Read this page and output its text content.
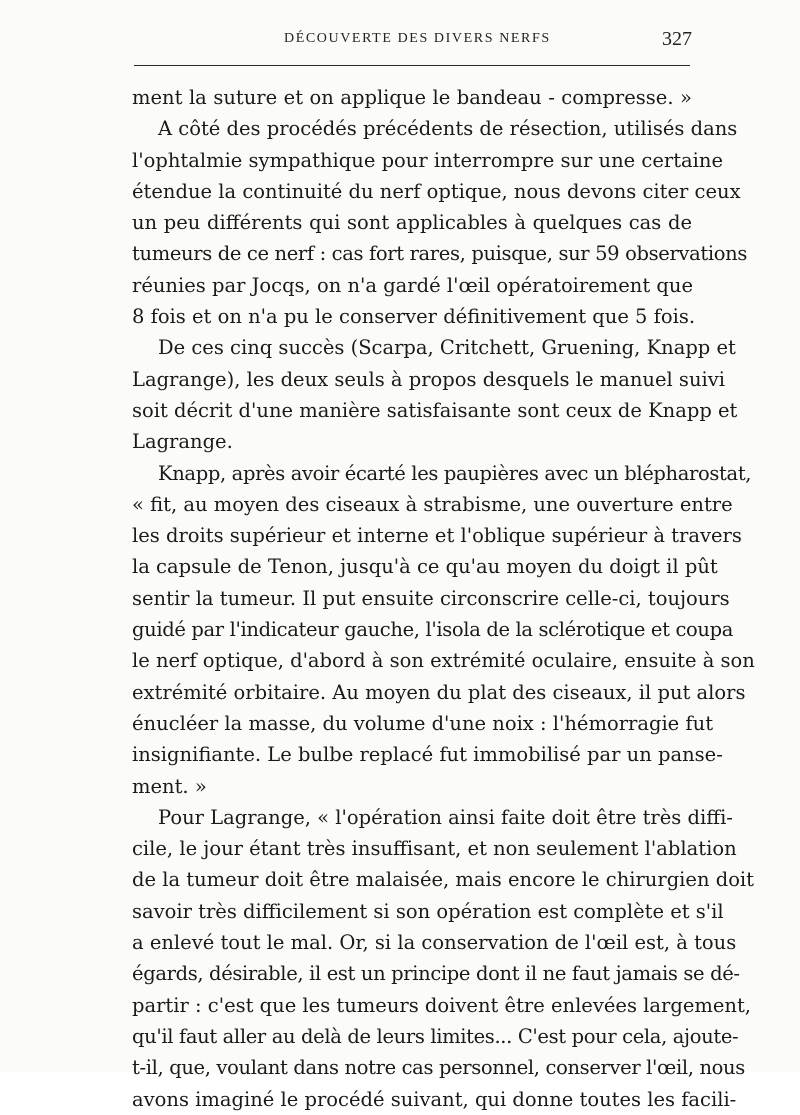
DÉCOUVERTE DES DIVERS NERFS	327
ment la suture et on applique le bandeau - compresse. »
A côté des procédés précédents de résection, utilisés dans
l'ophtalmie sympathique pour interrompre sur une certaine
étendue la continuité du nerf optique, nous devons citer ceux
un peu différents qui sont applicables à quelques cas de
tumeurs de ce nerf : cas fort rares, puisque, sur 59 observations
réunies par Jocqs, on n'a gardé l'œil opératoirement que
8 fois et on n'a pu le conserver définitivement que 5 fois.
De ces cinq succès (Scarpa, Critchett, Gruening, Knapp et
Lagrange), les deux seuls à propos desquels le manuel suivi
soit décrit d'une manière satisfaisante sont ceux de Knapp et
Lagrange.
Knapp, après avoir écarté les paupières avec un blépharostat,
« fit, au moyen des ciseaux à strabisme, une ouverture entre
les droits supérieur et interne et l'oblique supérieur à travers
la capsule de Tenon, jusqu'à ce qu'au moyen du doigt il pût
sentir la tumeur. Il put ensuite circonscrire celle-ci, toujours
guidé par l'indicateur gauche, l'isola de la sclérotique et coupa
le nerf optique, d'abord à son extrémité oculaire, ensuite à son
extrémité orbitaire. Au moyen du plat des ciseaux, il put alors
énucléer la masse, du volume d'une noix : l'hémorragie fut
insignifiante. Le bulbe replacé fut immobilisé par un panse-
ment. »
Pour Lagrange, « l'opération ainsi faite doit être très diffi-
cile, le jour étant très insuffisant, et non seulement l'ablation
de la tumeur doit être malaisée, mais encore le chirurgien doit
savoir très difficilement si son opération est complète et s'il
a enlevé tout le mal. Or, si la conservation de l'œil est, à tous
égards, désirable, il est un principe dont il ne faut jamais se dé-
partir : c'est que les tumeurs doivent être enlevées largement,
qu'il faut aller au delà de leurs limites... C'est pour cela, ajoute-
t-il, que, voulant dans notre cas personnel, conserver l'œil, nous
avons imaginé le procédé suivant, qui donne toutes les facili-
